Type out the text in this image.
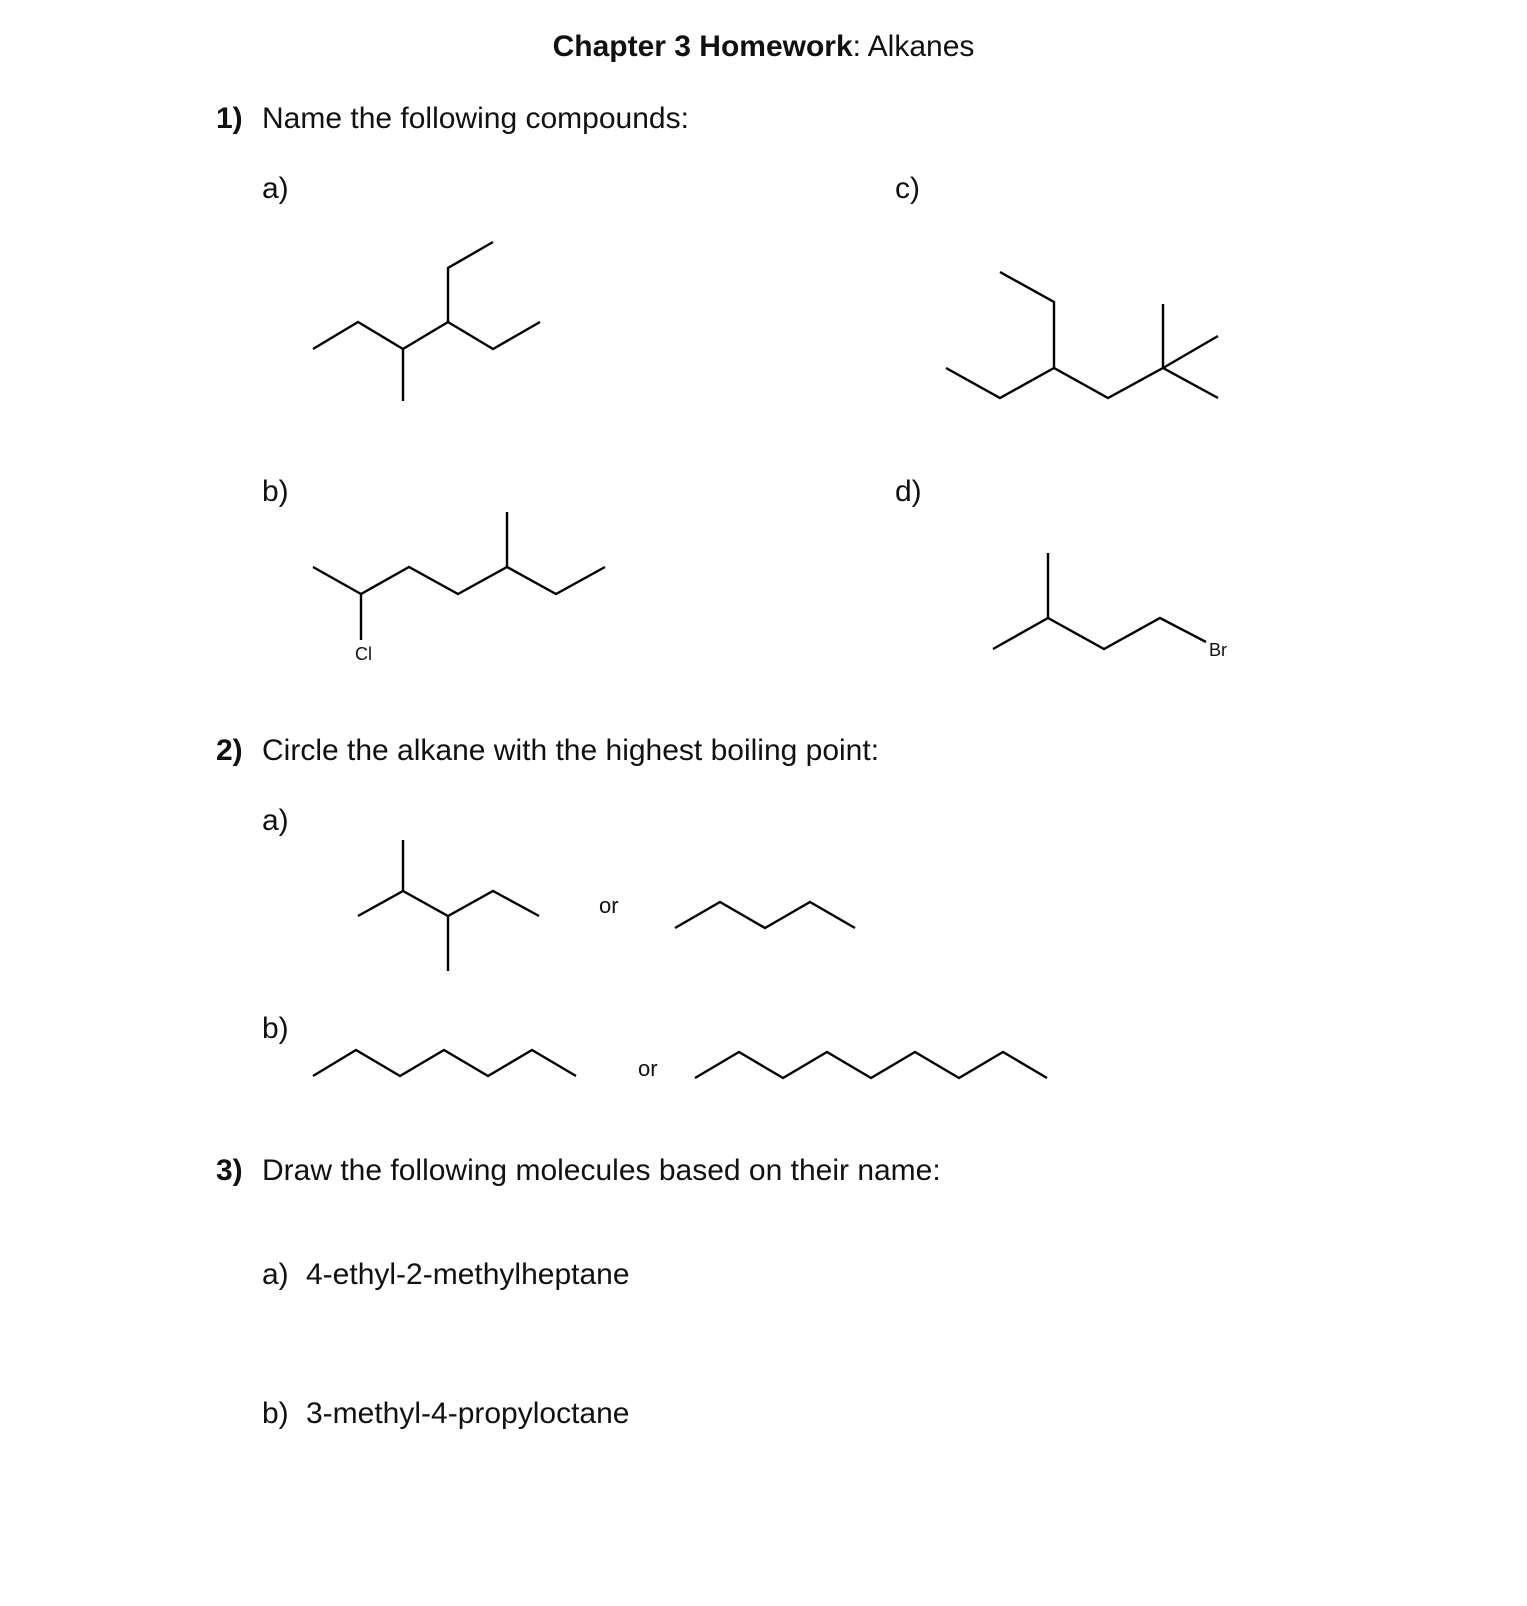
Chapter 3 Homework: Alkanes
1) Name the following compounds:
a)	c)
b)	d)
Cl	Br
2) Circle the alkane with the highest boiling point:
a)
b)
or
or
3) Draw the following molecules based on their name:
a) 4-ethyl-2-methylheptane
b) 3-methyl-4-propyloctane
